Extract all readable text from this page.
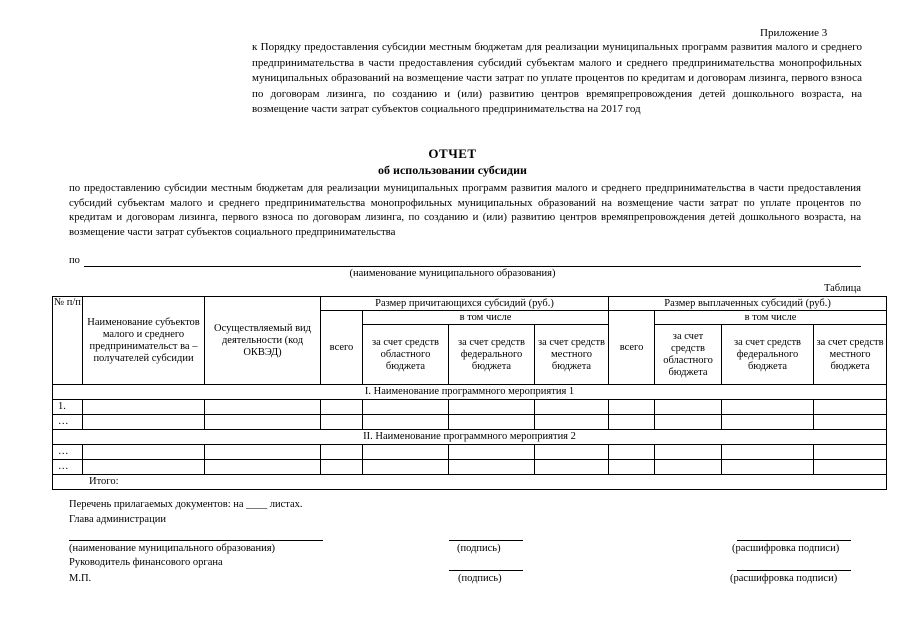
Приложение 3
к Порядку предоставления субсидии местным бюджетам для реализации муниципальных программ развития малого и среднего предпринимательства в части предоставления субсидий субъектам малого и среднего предпринимательства монопрофильных муниципальных образований на возмещение части затрат по уплате процентов по кредитам и договорам лизинга, первого взноса по договорам лизинга, по созданию и (или) развитию центров времяпрепровождения детей дошкольного возраста, на возмещение части затрат субъектов социального предпринимательства на 2017 год
ОТЧЕТ
об использовании субсидии
по предоставлению субсидии местным бюджетам для реализации муниципальных программ развития малого и среднего предпринимательства в части предоставления субсидий субъектам малого и среднего предпринимательства монопрофильных муниципальных образований на возмещение части затрат по уплате процентов по кредитам и договорам лизинга, первого взноса по договорам лизинга, по созданию и (или) развитию центров времяпрепровождения детей дошкольного возраста, на возмещение части затрат субъектов социального предпринимательства
по
(наименование муниципального образования)
Таблица
№ п/п	Наименование субъектов малого и среднего предпринимательст ва – получателей субсидии	Осуществляемый вид деятельности (код ОКВЭД)	Размер причитающихся субсидий (руб.)				Размер выплаченных субсидий (руб.)			
			всего	в том числе			всего	в том числе		
				за счет средств областного бюджета	за счет средств федерального бюджета	за счет средств местного бюджета		за счет средств областного бюджета	за счет средств федерального бюджета	за счет средств местного бюджета

I. Наименование программного мероприятия 1										
1.										
…										
II. Наименование программного мероприятия 2										
…										
…										
Итого:										
Перечень прилагаемых документов: на ____ листах.
Глава администрации
(наименование муниципального образования)	(подпись)	(расшифровка подписи)
Руководитель финансового органа
М.П.	(подпись)	(расшифровка подписи)
